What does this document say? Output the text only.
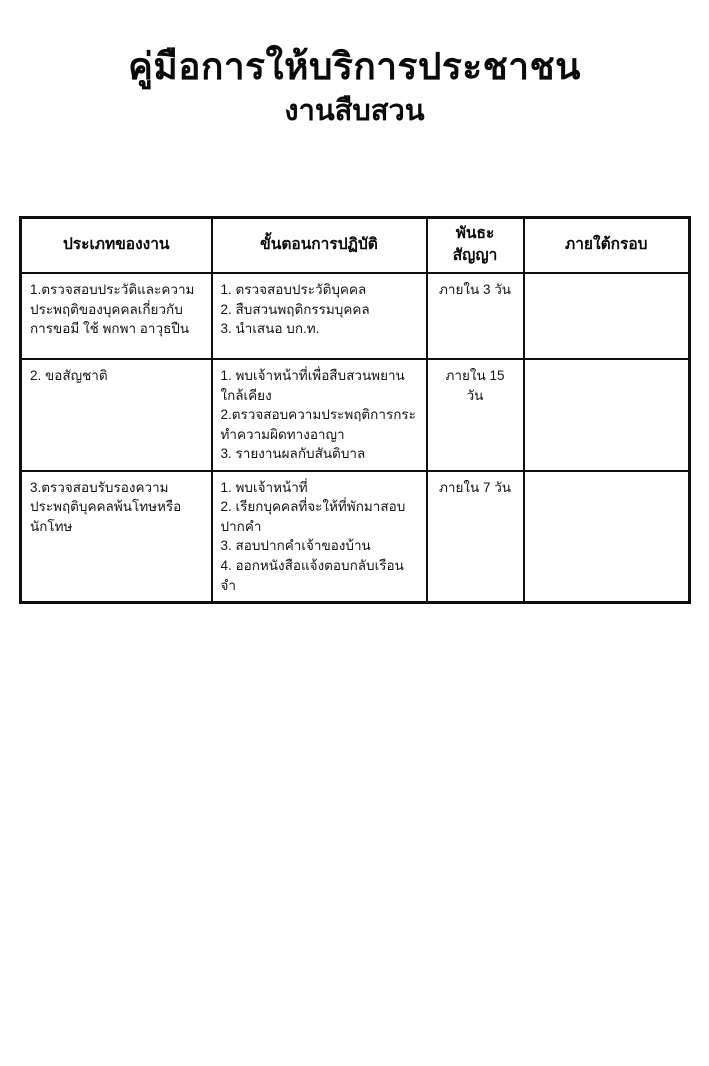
คู่มือการให้บริการประชาชน
งานสืบสวน
ประเภทของงาน	ขั้นตอนการปฏิบัติ	พันธะสัญญา	ภายใต้กรอบ
1.ตรวจสอบประวัติและความประพฤติของบุคคลเกี่ยวกับการขอมี ใช้ พกพา อาวุธปืน	1. ตรวจสอบประวัติบุคคล
2. สืบสวนพฤติกรรมบุคคล
3. นำเสนอ บก.ท.	ภายใน 3 วัน	
2. ขอสัญชาติ	1. พบเจ้าหน้าที่เพื่อสืบสวนพยานใกล้เคียง
2.ตรวจสอบความประพฤติการกระทำความผิดทางอาญา
3. รายงานผลกับสันติบาล	ภายใน 15 วัน	
3.ตรวจสอบรับรองความประพฤติบุคคลพ้นโทษหรือนักโทษ	1. พบเจ้าหน้าที่
2. เรียกบุคคลที่จะให้ที่พักมาสอบปากคำ
3. สอบปากคำเจ้าของบ้าน
4. ออกหนังสือแจ้งตอบกลับเรือนจำ	ภายใน 7 วัน	
